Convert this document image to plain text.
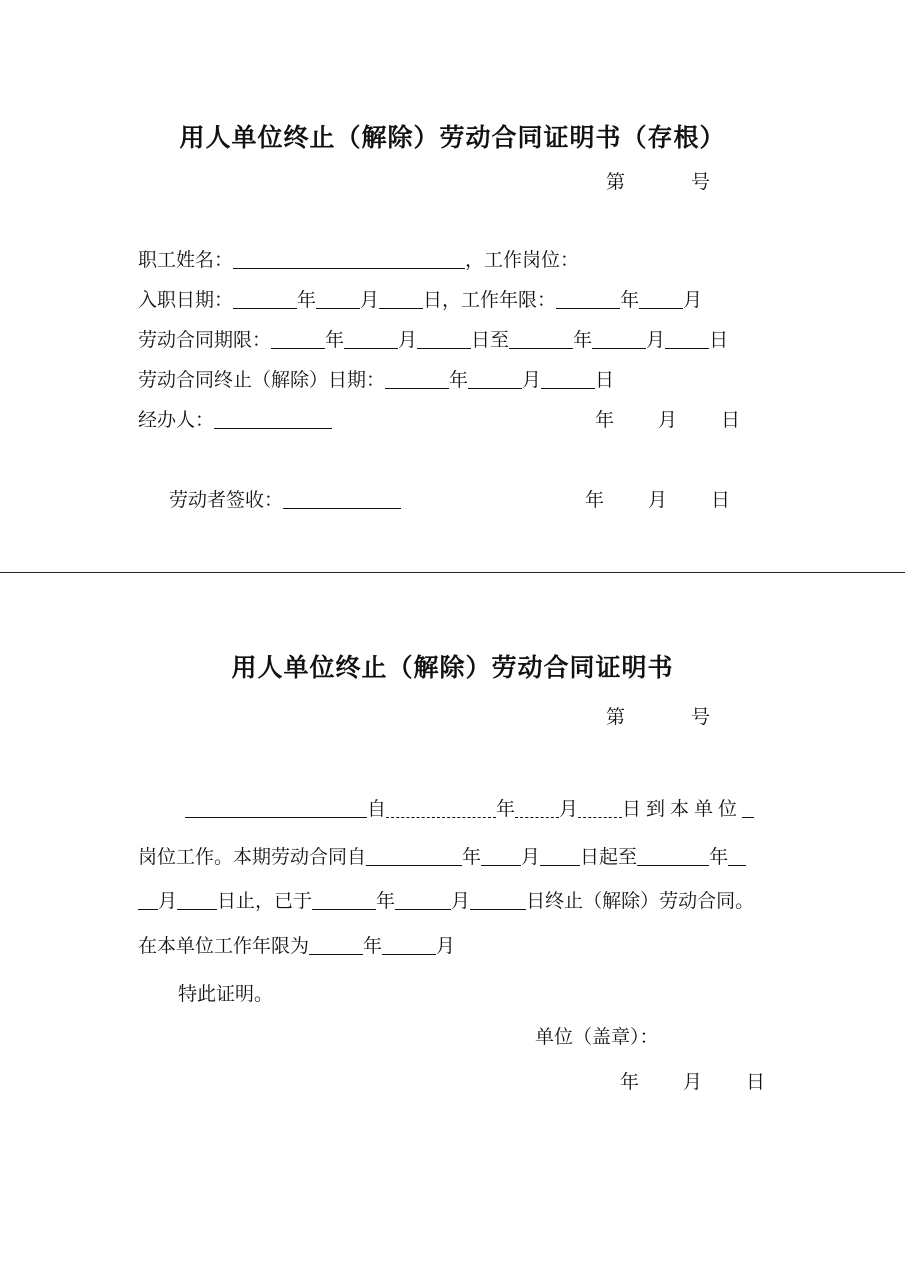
用人单位终止（解除）劳动合同证明书（存根）
第	号
职工姓名：	，工作岗位：
入职日期：	年 月 日，工作年限：	年 月
劳动合同期限：	年	月	日至	年	月 日
劳动合同终止（解除）日期：	年	月	日
经办人：	年 月 日
劳动者签收：	年 月 日
用人单位终止（解除）劳动合同证明书
第	号
自	年 月 日到本单位
岗位工作。本期劳动合同自	年 月 日起至	年
月 日止，已于	年	月	日终止（解除）劳动合同。
在本单位工作年限为	年	月
特此证明。
单位（盖章）：
年 月 日
